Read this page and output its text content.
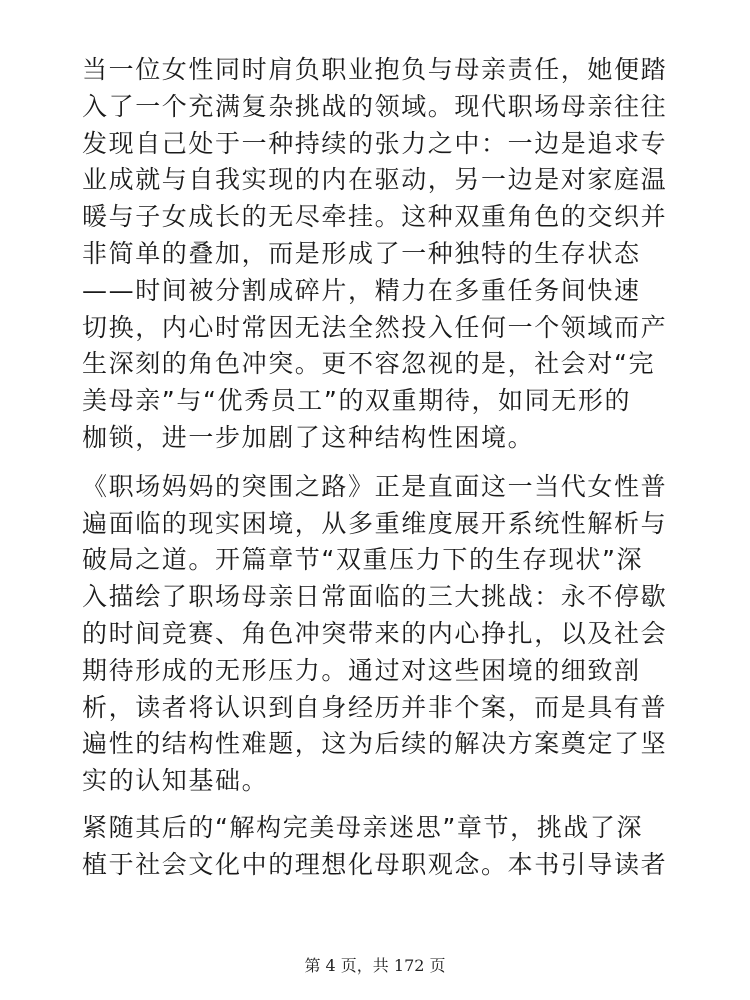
当一位女性同时肩负职业抱负与母亲责任，她便踏
入了一个充满复杂挑战的领域。现代职场母亲往往
发现自己处于一种持续的张力之中：一边是追求专
业成就与自我实现的内在驱动，另一边是对家庭温
暖与子女成长的无尽牵挂。这种双重角色的交织并
非简单的叠加，而是形成了一种独特的生存状态
——时间被分割成碎片，精力在多重任务间快速
切换，内心时常因无法全然投入任何一个领域而产
生深刻的角色冲突。更不容忽视的是，社会对“完
美母亲”与“优秀员工”的双重期待，如同无形的
枷锁，进一步加剧了这种结构性困境。
《职场妈妈的突围之路》正是直面这一当代女性普
遍面临的现实困境，从多重维度展开系统性解析与
破局之道。开篇章节“双重压力下的生存现状”深
入描绘了职场母亲日常面临的三大挑战：永不停歇
的时间竞赛、角色冲突带来的内心挣扎，以及社会
期待形成的无形压力。通过对这些困境的细致剖
析，读者将认识到自身经历并非个案，而是具有普
遍性的结构性难题，这为后续的解决方案奠定了坚
实的认知基础。
紧随其后的“解构完美母亲迷思”章节，挑战了深
植于社会文化中的理想化母职观念。本书引导读者
第 4 页，共 172 页
